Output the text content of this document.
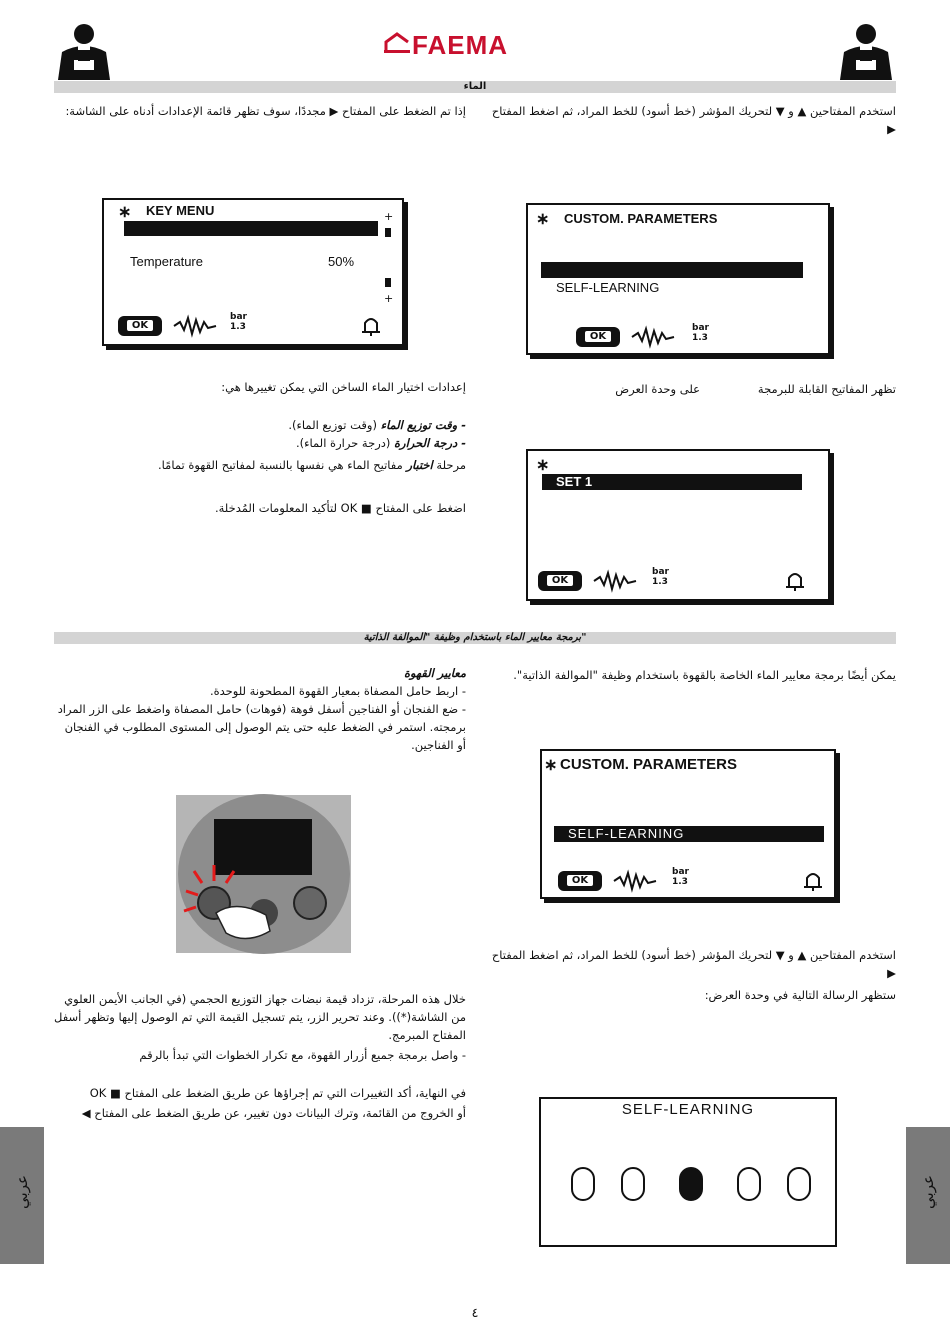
FAEMA
الماء
استخدم المفتاحين ▲ و ▼ لتحريك المؤشر (خط أسود) للخط المراد، ثم اضغط المفتاح ▶
إذا تم الضغط على المفتاح ▶ مجددًا، سوف تظهر قائمة الإعدادات أدناه على الشاشة:
∗ KEY MENU
Temperature	50%
+
+
OK
bar
1.3
∗ CUSTOM. PARAMETERS
SELF-LEARNING
OK
bar
1.3
تظهر المفاتيح القابلة للبرمجة
على وحدة العرض
∗
SET 1
OK
bar
1.3
إعدادات اختيار الماء الساخن التي يمكن تغييرها هي:
- وقت توزيع الماء (وقت توزيع الماء).
- درجة الحرارة (درجة حرارة الماء).
مرحلة اختبار مفاتيح الماء هي نفسها بالنسبة لمفاتيح القهوة تمامًا.
اضغط على المفتاح ■ OK لتأكيد المعلومات المُدخلة.
برمجة معايير الماء باستخدام وظيفة "الموالفة الذاتية"
يمكن أيضًا برمجة معايير الماء الخاصة بالقهوة باستخدام وظيفة "الموالفة الذاتية".
∗ CUSTOM. PARAMETERS
SELF-LEARNING
OK
bar
1.3
استخدم المفتاحين ▲ و ▼ لتحريك المؤشر (خط أسود) للخط المراد، ثم اضغط المفتاح ▶
ستظهر الرسالة التالية في وحدة العرض:
SELF-LEARNING
معايير القهوة
- اربط حامل المصفاة بمعيار القهوة المطحونة للوحدة.
- ضع الفنجان أو الفناجين أسفل فوهة (فوهات) حامل المصفاة واضغط على الزر المراد برمجته. استمر في الضغط عليه حتى يتم الوصول إلى المستوى المطلوب في الفنجان أو الفناجين.
خلال هذه المرحلة، تزداد قيمة نبضات جهاز التوزيع الحجمي (في الجانب الأيمن العلوي من الشاشة(*)). وعند تحرير الزر، يتم تسجيل القيمة التي تم الوصول إليها وتظهر أسفل المفتاح المبرمج.
- واصل برمجة جميع أزرار القهوة، مع تكرار الخطوات التي تبدأ بالرقم
في النهاية، أكد التغييرات التي تم إجراؤها عن طريق الضغط على المفتاح ■ OK
أو الخروج من القائمة، وترك البيانات دون تغيير، عن طريق الضغط على المفتاح ◀
عربي	عربي
٤
